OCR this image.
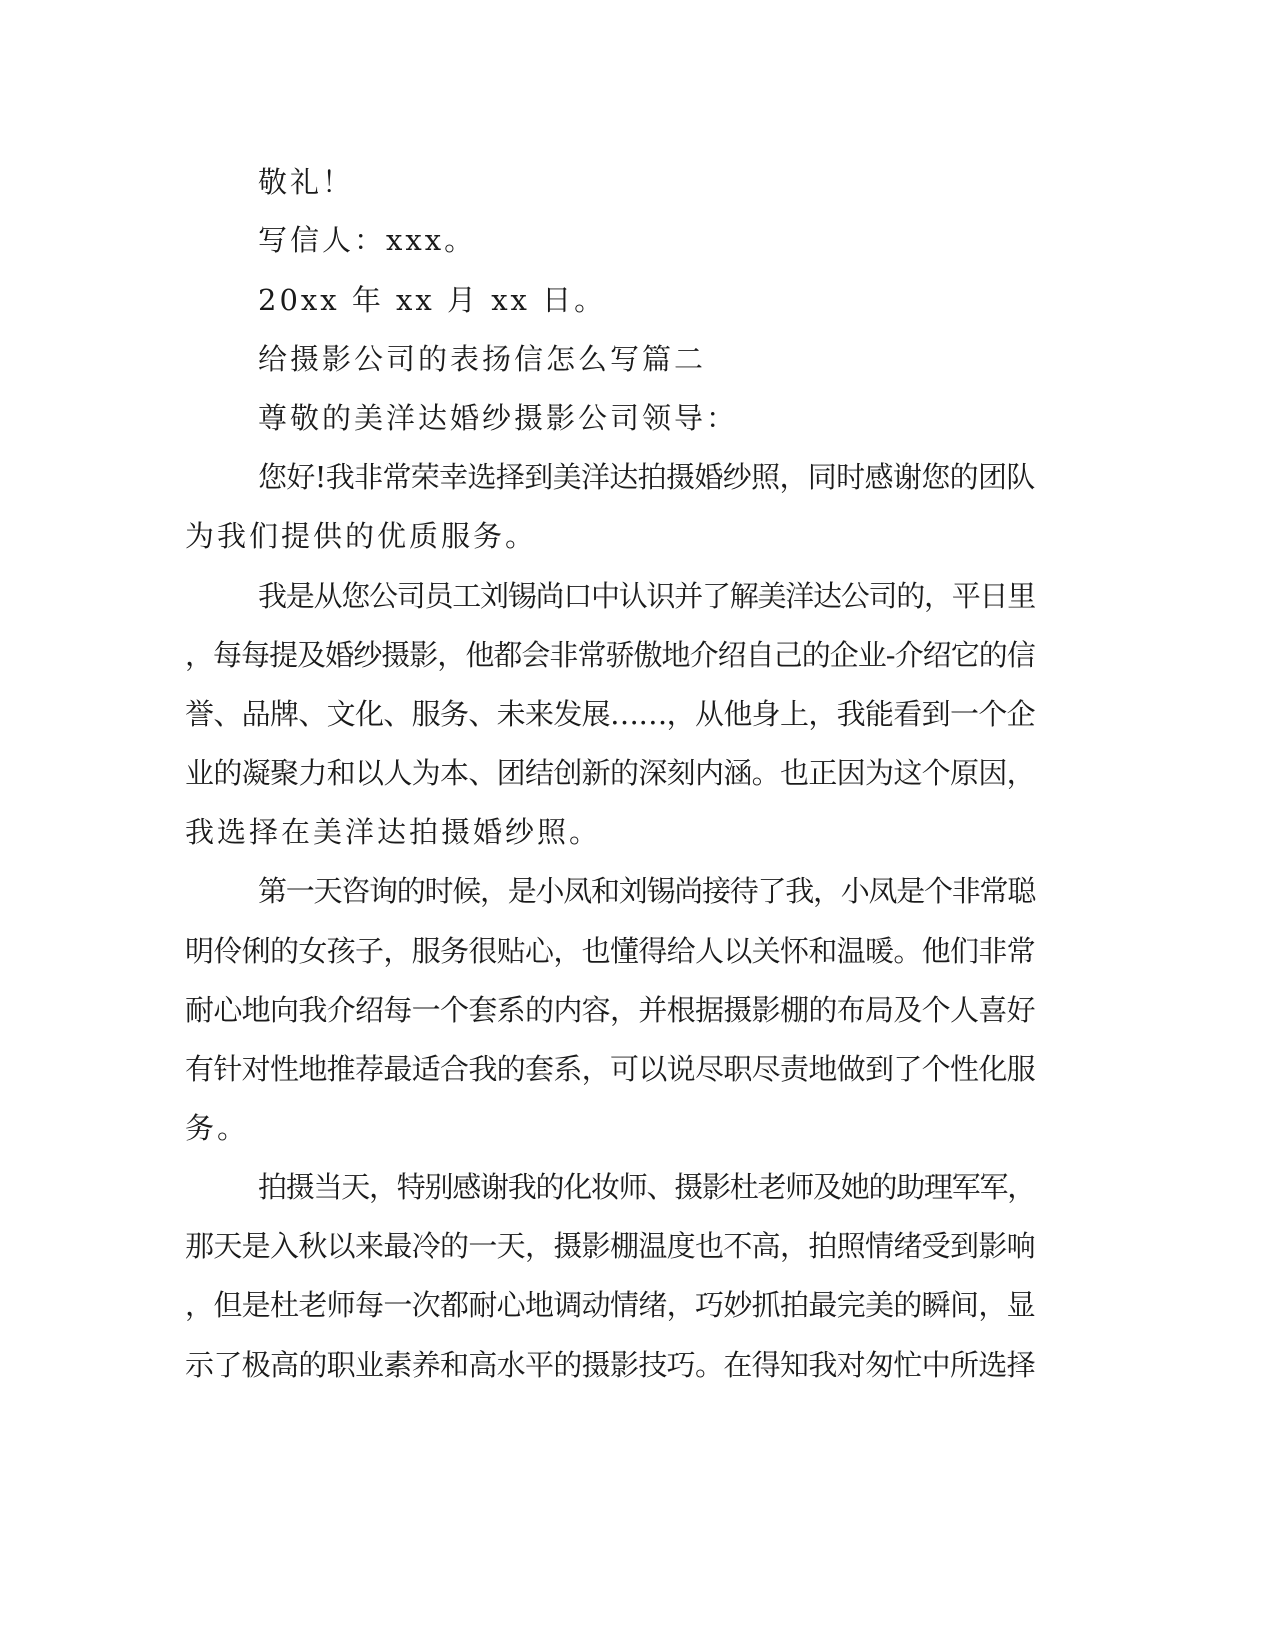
敬礼！

写信人：xxx。

20xx 年 xx 月 xx 日。

给摄影公司的表扬信怎么写篇二

尊敬的美洋达婚纱摄影公司领导：

您好!我非常荣幸选择到美洋达拍摄婚纱照，同时感谢您的团队

为我们提供的优质服务。

我是从您公司员工刘锡尚口中认识并了解美洋达公司的，平日里

，每每提及婚纱摄影，他都会非常骄傲地介绍自己的企业-介绍它的信

誉、品牌、文化、服务、未来发展……，从他身上，我能看到一个企

业的凝聚力和以人为本、团结创新的深刻内涵。也正因为这个原因，

我选择在美洋达拍摄婚纱照。

第一天咨询的时候，是小凤和刘锡尚接待了我，小凤是个非常聪

明伶俐的女孩子，服务很贴心，也懂得给人以关怀和温暖。他们非常

耐心地向我介绍每一个套系的内容，并根据摄影棚的布局及个人喜好

有针对性地推荐最适合我的套系，可以说尽职尽责地做到了个性化服

务。

拍摄当天，特别感谢我的化妆师、摄影杜老师及她的助理军军，

那天是入秋以来最冷的一天，摄影棚温度也不高，拍照情绪受到影响

，但是杜老师每一次都耐心地调动情绪，巧妙抓拍最完美的瞬间，显

示了极高的职业素养和高水平的摄影技巧。在得知我对匆忙中所选择
